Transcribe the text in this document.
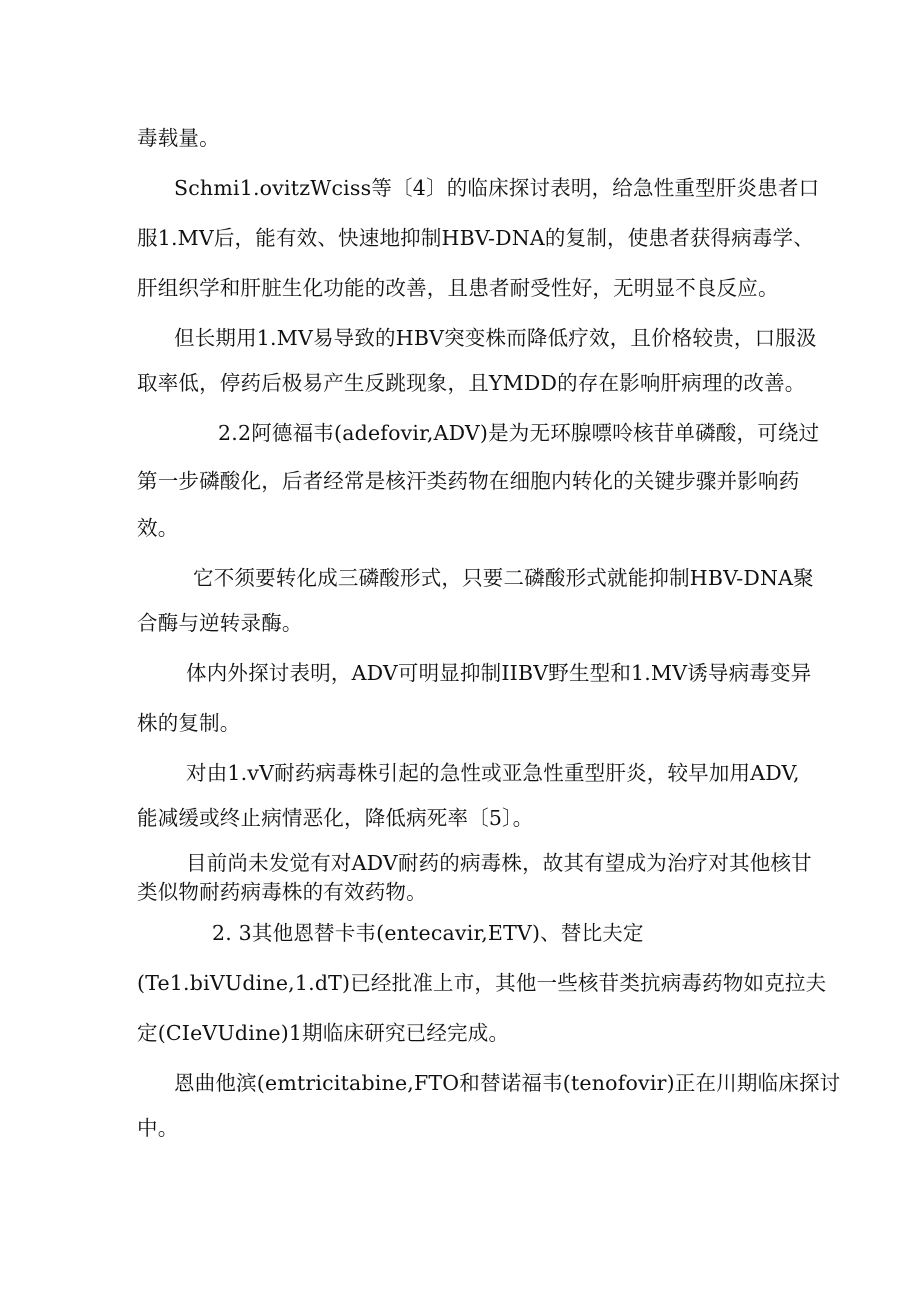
毒载量。
Schmi1.ovitzWciss等〔4〕的临床探讨表明，给急性重型肝炎患者口
服1.MV后，能有效、快速地抑制HBV-DNA的复制，使患者获得病毒学、
肝组织学和肝脏生化功能的改善，且患者耐受性好，无明显不良反应。
但长期用1.MV易导致的HBV突变株而降低疗效，且价格较贵，口服汲
取率低，停药后极易产生反跳现象，且YMDD的存在影响肝病理的改善。
2.2阿德福韦(adefovir,ADV)是为无环腺嘌呤核苷单磷酸，可绕过
第一步磷酸化，后者经常是核汗类药物在细胞内转化的关键步骤并影响药
效。
它不须要转化成三磷酸形式，只要二磷酸形式就能抑制HBV-DNA聚
合酶与逆转录酶。
体内外探讨表明，ADV可明显抑制IIBV野生型和1.MV诱导病毒变异
株的复制。
对由1.vV耐药病毒株引起的急性或亚急性重型肝炎，较早加用ADV,
能减缓或终止病情恶化，降低病死率〔5〕。
目前尚未发觉有对ADV耐药的病毒株，故其有望成为治疗对其他核甘
类似物耐药病毒株的有效药物。
2. 3其他恩替卡韦(entecavir,ETV)、替比夫定
(Te1.biVUdine,1.dT)已经批准上市，其他一些核苷类抗病毒药物如克拉夫
定(CIeVUdine)1期临床研究已经完成。
恩曲他滨(emtricitabine,FTO和替诺福韦(tenofovir)正在川期临床探讨
中。
